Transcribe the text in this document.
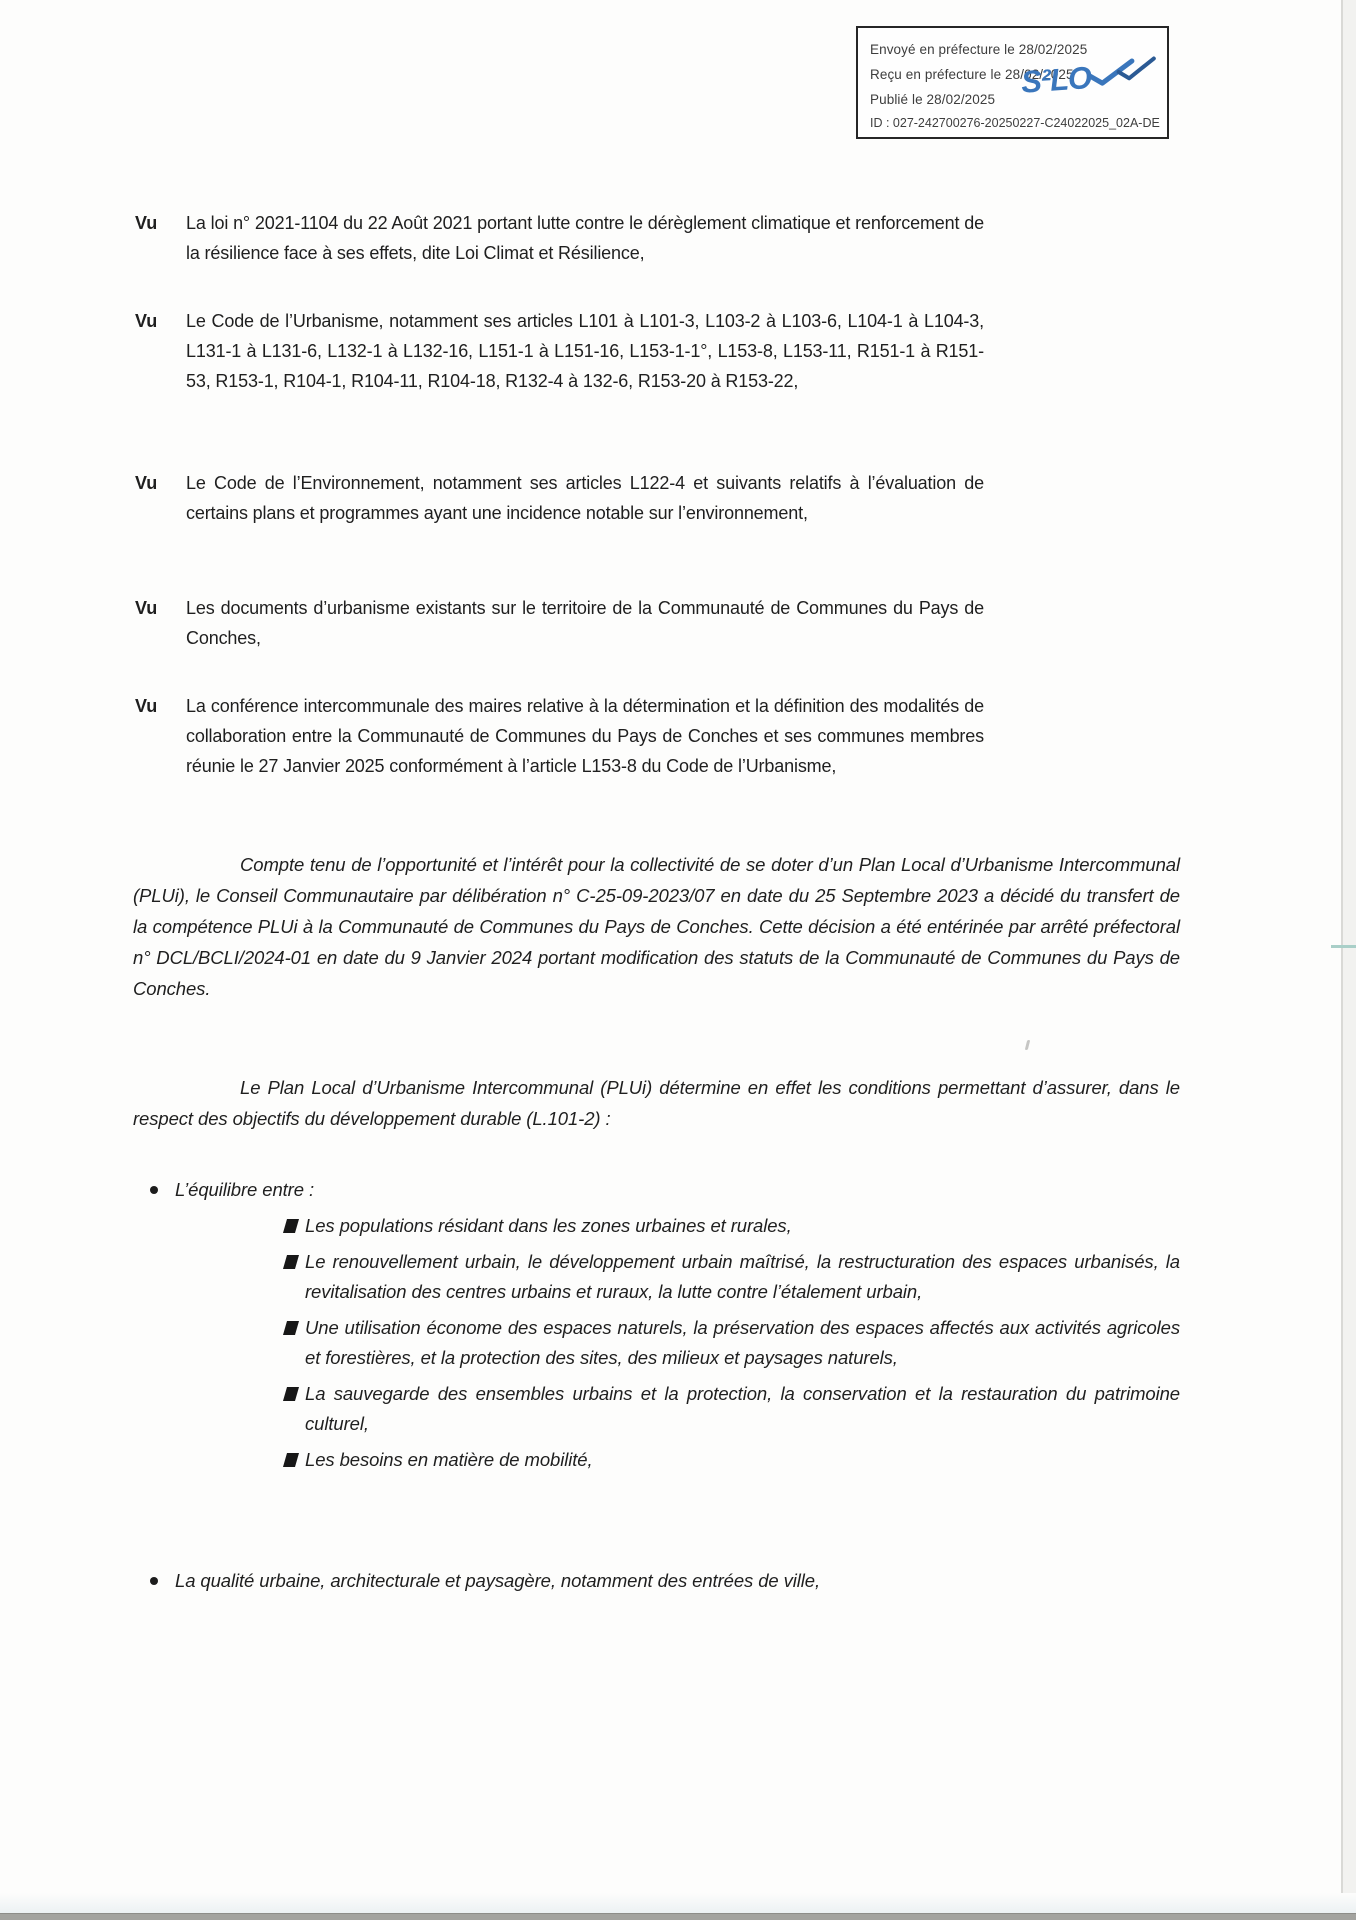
Envoyé en préfecture le 28/02/2025
Reçu en préfecture le 28/02/2025
Publié le 28/02/2025
ID : 027-242700276-20250227-C24022025_02A-DE
S²LO
Vu	La loi n° 2021-1104 du 22 Août 2021 portant lutte contre le dérèglement climatique et renforcement de la résilience face à ses effets, dite Loi Climat et Résilience,
Vu	Le Code de l’Urbanisme, notamment ses articles L101 à L101-3, L103-2 à L103-6, L104-1 à L104-3, L131-1 à L131-6, L132-1 à L132-16, L151-1 à L151-16, L153-1-1°, L153-8, L153-11, R151-1 à R151-53, R153-1, R104-1, R104-11, R104-18, R132-4 à 132-6, R153-20 à R153-22,
Vu	Le Code de l’Environnement, notamment ses articles L122-4 et suivants relatifs à l’évaluation de certains plans et programmes ayant une incidence notable sur l’environnement,
Vu	Les documents d’urbanisme existants sur le territoire de la Communauté de Communes du Pays de Conches,
Vu	La conférence intercommunale des maires relative à la détermination et la définition des modalités de collaboration entre la Communauté de Communes du Pays de Conches et ses communes membres réunie le 27 Janvier 2025 conformément à l’article L153-8 du Code de l’Urbanisme,
Compte tenu de l’opportunité et l’intérêt pour la collectivité de se doter d’un Plan Local d’Urbanisme Intercommunal (PLUi), le Conseil Communautaire par délibération n° C-25-09-2023/07 en date du 25 Septembre 2023 a décidé du transfert de la compétence PLUi à la Communauté de Communes du Pays de Conches. Cette décision a été entérinée par arrêté préfectoral n° DCL/BCLI/2024-01 en date du 9 Janvier 2024 portant modification des statuts de la Communauté de Communes du Pays de Conches.
Le Plan Local d’Urbanisme Intercommunal (PLUi) détermine en effet les conditions permettant d’assurer, dans le respect des objectifs du développement durable (L.101-2) :
L’équilibre entre :
Les populations résidant dans les zones urbaines et rurales,
Le renouvellement urbain, le développement urbain maîtrisé, la restructuration des espaces urbanisés, la revitalisation des centres urbains et ruraux, la lutte contre l’étalement urbain,
Une utilisation économe des espaces naturels, la préservation des espaces affectés aux activités agricoles et forestières, et la protection des sites, des milieux et paysages naturels,
La sauvegarde des ensembles urbains et la protection, la conservation et la restauration du patrimoine culturel,
Les besoins en matière de mobilité,
La qualité urbaine, architecturale et paysagère, notamment des entrées de ville,
